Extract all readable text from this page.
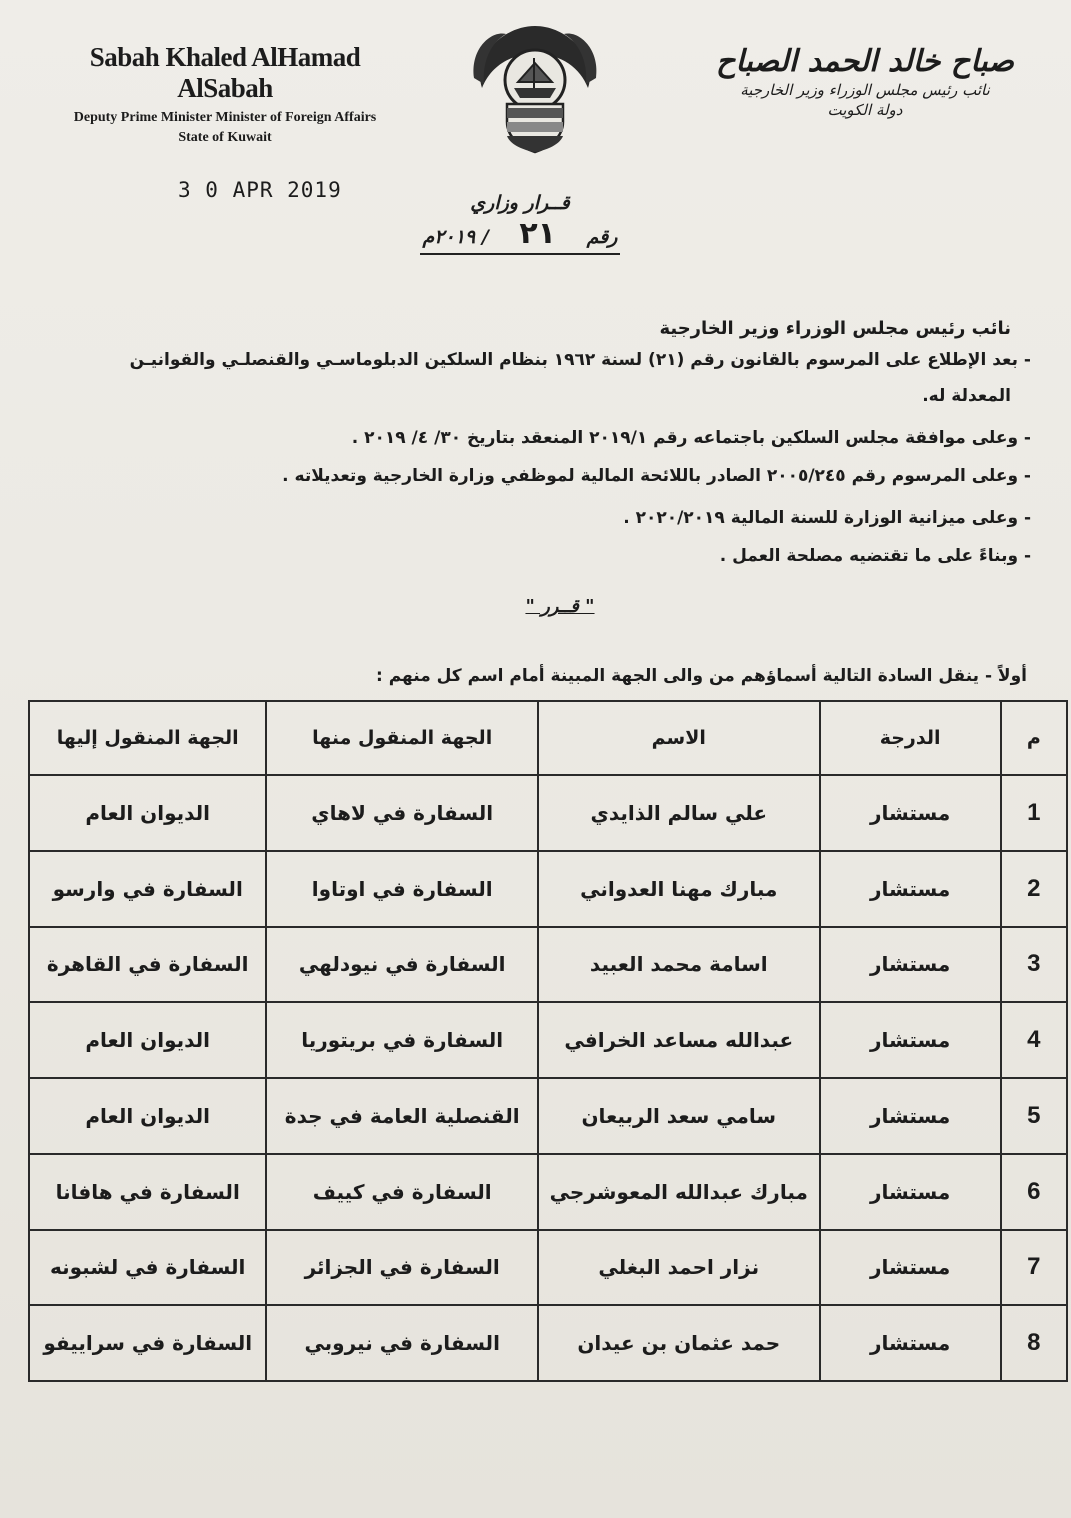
Sabah Khaled AlHamad AlSabah
Deputy Prime Minister Minister of Foreign Affairs
State of Kuwait
صباح خالد الحمد الصباح
نائب رئيس مجلس الوزراء وزير الخارجية
دولة الكويت
3 0 APR 2019
قــرار وزاري
رقم ٢١ / ٢٠١٩م
نائب رئيس مجلس الوزراء وزير الخارجية
- بعد الإطلاع على المرسوم بالقانون رقم (٢١) لسنة ١٩٦٢ بنظام السلكين الدبلوماسـي والقنصلـي والقوانيـن
المعدلة له.
- وعلى موافقة مجلس السلكين باجتماعه رقم ٢٠١٩/١ المنعقد بتاريخ ٣٠/ ٤/ ٢٠١٩ .
- وعلى المرسوم رقم ٢٠٠٥/٢٤٥ الصادر باللائحة المالية لموظفي وزارة الخارجية وتعديلاته .
- وعلى ميزانية الوزارة للسنة المالية ٢٠٢٠/٢٠١٩ .
- وبناءً على ما تقتضيه مصلحة العمل .
" قــرر "
أولاً - ينقل السادة التالية أسماؤهم من والى الجهة المبينة أمام اسم كل منهم :
م	الدرجة	الاسم	الجهة المنقول منها	الجهة المنقول إليها
1	مستشار	علي سالم الذايدي	السفارة في لاهاي	الديوان العام
2	مستشار	مبارك مهنا العدواني	السفارة في اوتاوا	السفارة في وارسو
3	مستشار	اسامة محمد العبيد	السفارة في نيودلهي	السفارة في القاهرة
4	مستشار	عبدالله مساعد الخرافي	السفارة في بريتوريا	الديوان العام
5	مستشار	سامي سعد الربيعان	القنصلية العامة في جدة	الديوان العام
6	مستشار	مبارك عبدالله المعوشرجي	السفارة في كييف	السفارة في هافانا
7	مستشار	نزار احمد البغلي	السفارة في الجزائر	السفارة في لشبونه
8	مستشار	حمد عثمان بن عيدان	السفارة في نيروبي	السفارة في سراييفو
